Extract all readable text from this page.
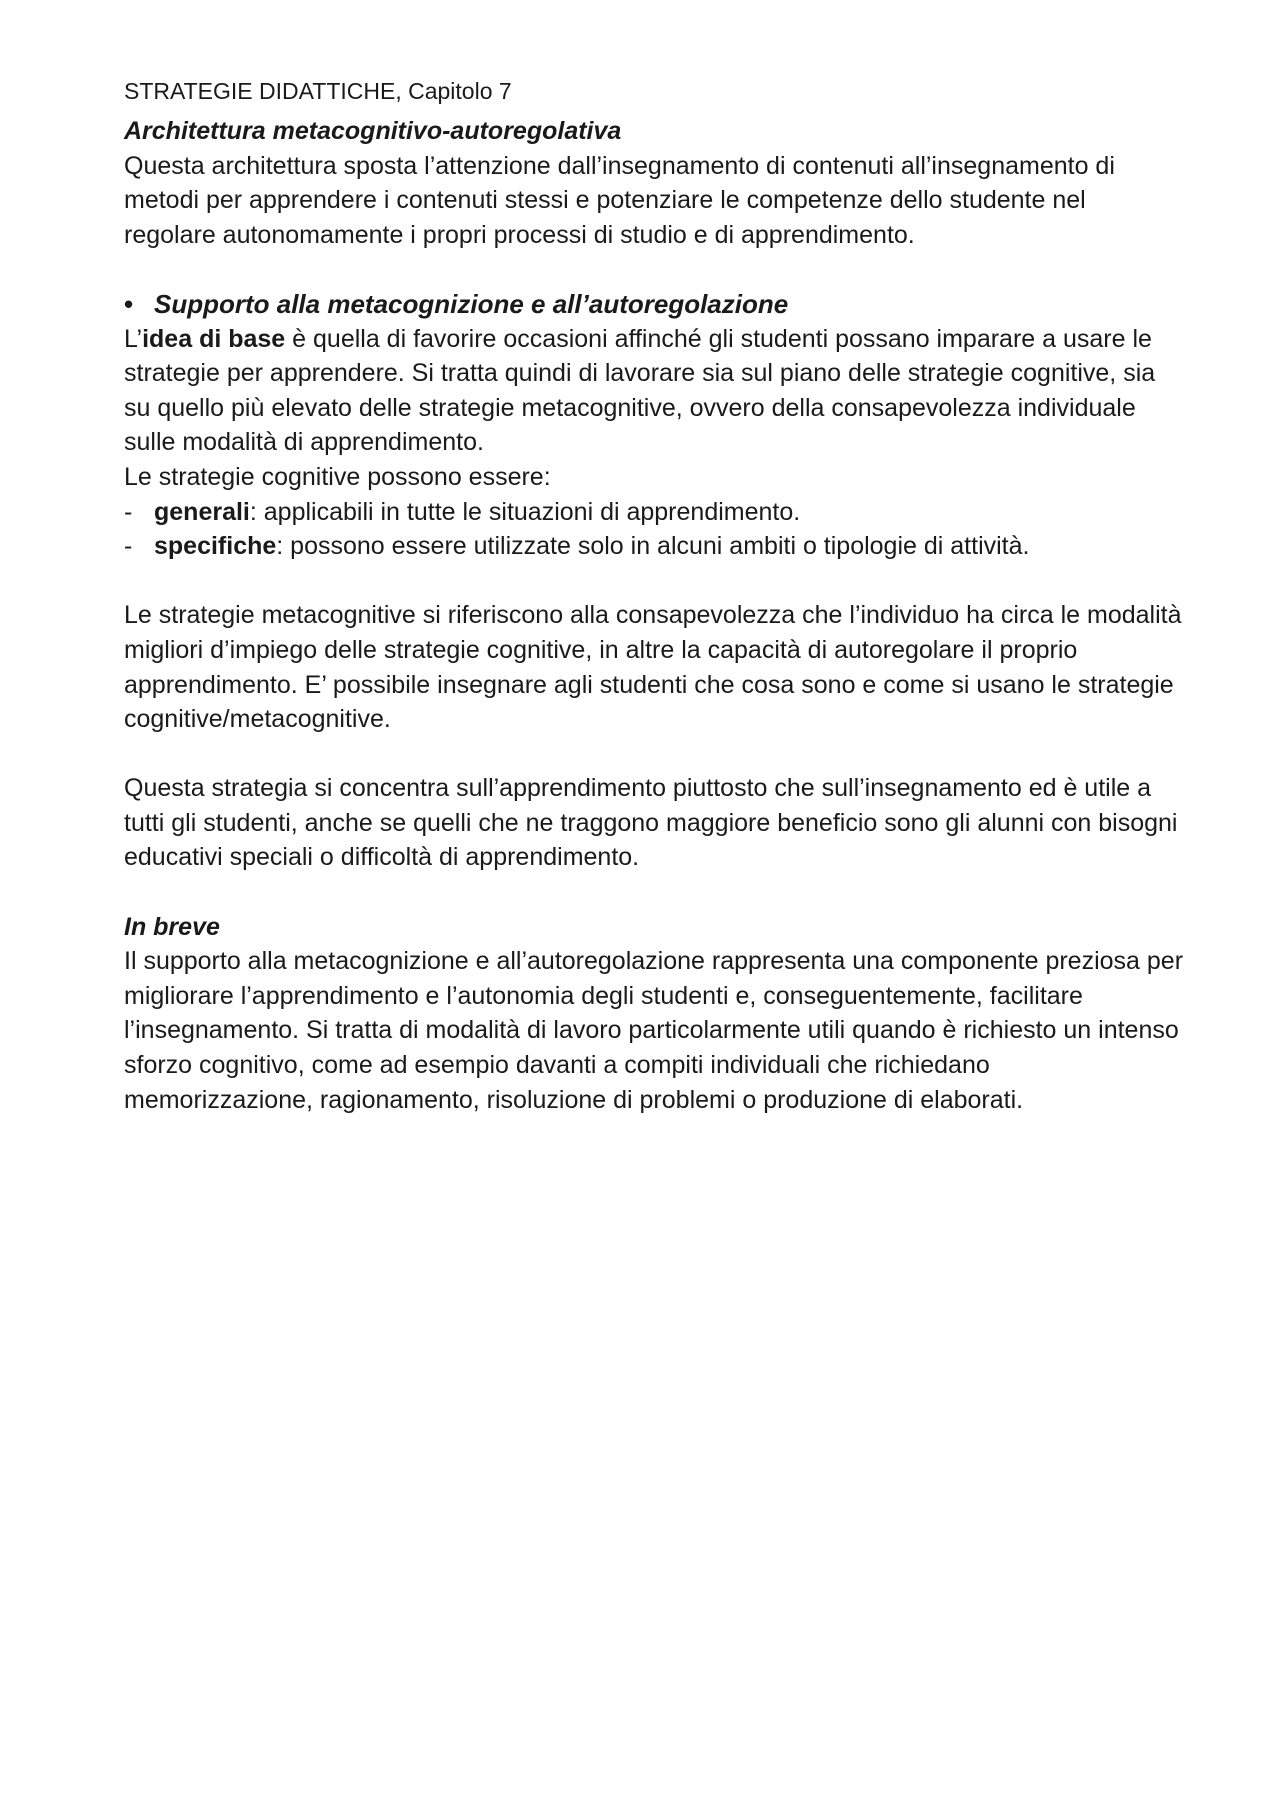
STRATEGIE DIDATTICHE, Capitolo 7

Architettura metacognitivo-autoregolativa

Questa architettura sposta l’attenzione dall’insegnamento di contenuti all’insegnamento di metodi per apprendere i contenuti stessi e potenziare le competenze dello studente nel regolare autonomamente i propri processi di studio e di apprendimento.

• Supporto alla metacognizione e all’autoregolazione

L’idea di base è quella di favorire occasioni affinché gli studenti possano imparare a usare le strategie per apprendere. Si tratta quindi di lavorare sia sul piano delle strategie cognitive, sia su quello più elevato delle strategie metacognitive, ovvero della consapevolezza individuale sulle modalità di apprendimento.

Le strategie cognitive possono essere:

- generali: applicabili in tutte le situazioni di apprendimento.
- specifiche: possono essere utilizzate solo in alcuni ambiti o tipologie di attività.

Le strategie metacognitive si riferiscono alla consapevolezza che l’individuo ha circa le modalità migliori d’impiego delle strategie cognitive, in altre la capacità di autoregolare il proprio apprendimento. E’ possibile insegnare agli studenti che cosa sono e come si usano le strategie cognitive/metacognitive.

Questa strategia si concentra sull’apprendimento piuttosto che sull’insegnamento ed è utile a tutti gli studenti, anche se quelli che ne traggono maggiore beneficio sono gli alunni con bisogni educativi speciali o difficoltà di apprendimento.

In breve

Il supporto alla metacognizione e all’autoregolazione rappresenta una componente preziosa per migliorare l’apprendimento e l’autonomia degli studenti e, conseguentemente, facilitare l’insegnamento. Si tratta di modalità di lavoro particolarmente utili quando è richiesto un intenso sforzo cognitivo, come ad esempio davanti a compiti individuali che richiedano memorizzazione, ragionamento, risoluzione di problemi o produzione di elaborati.
